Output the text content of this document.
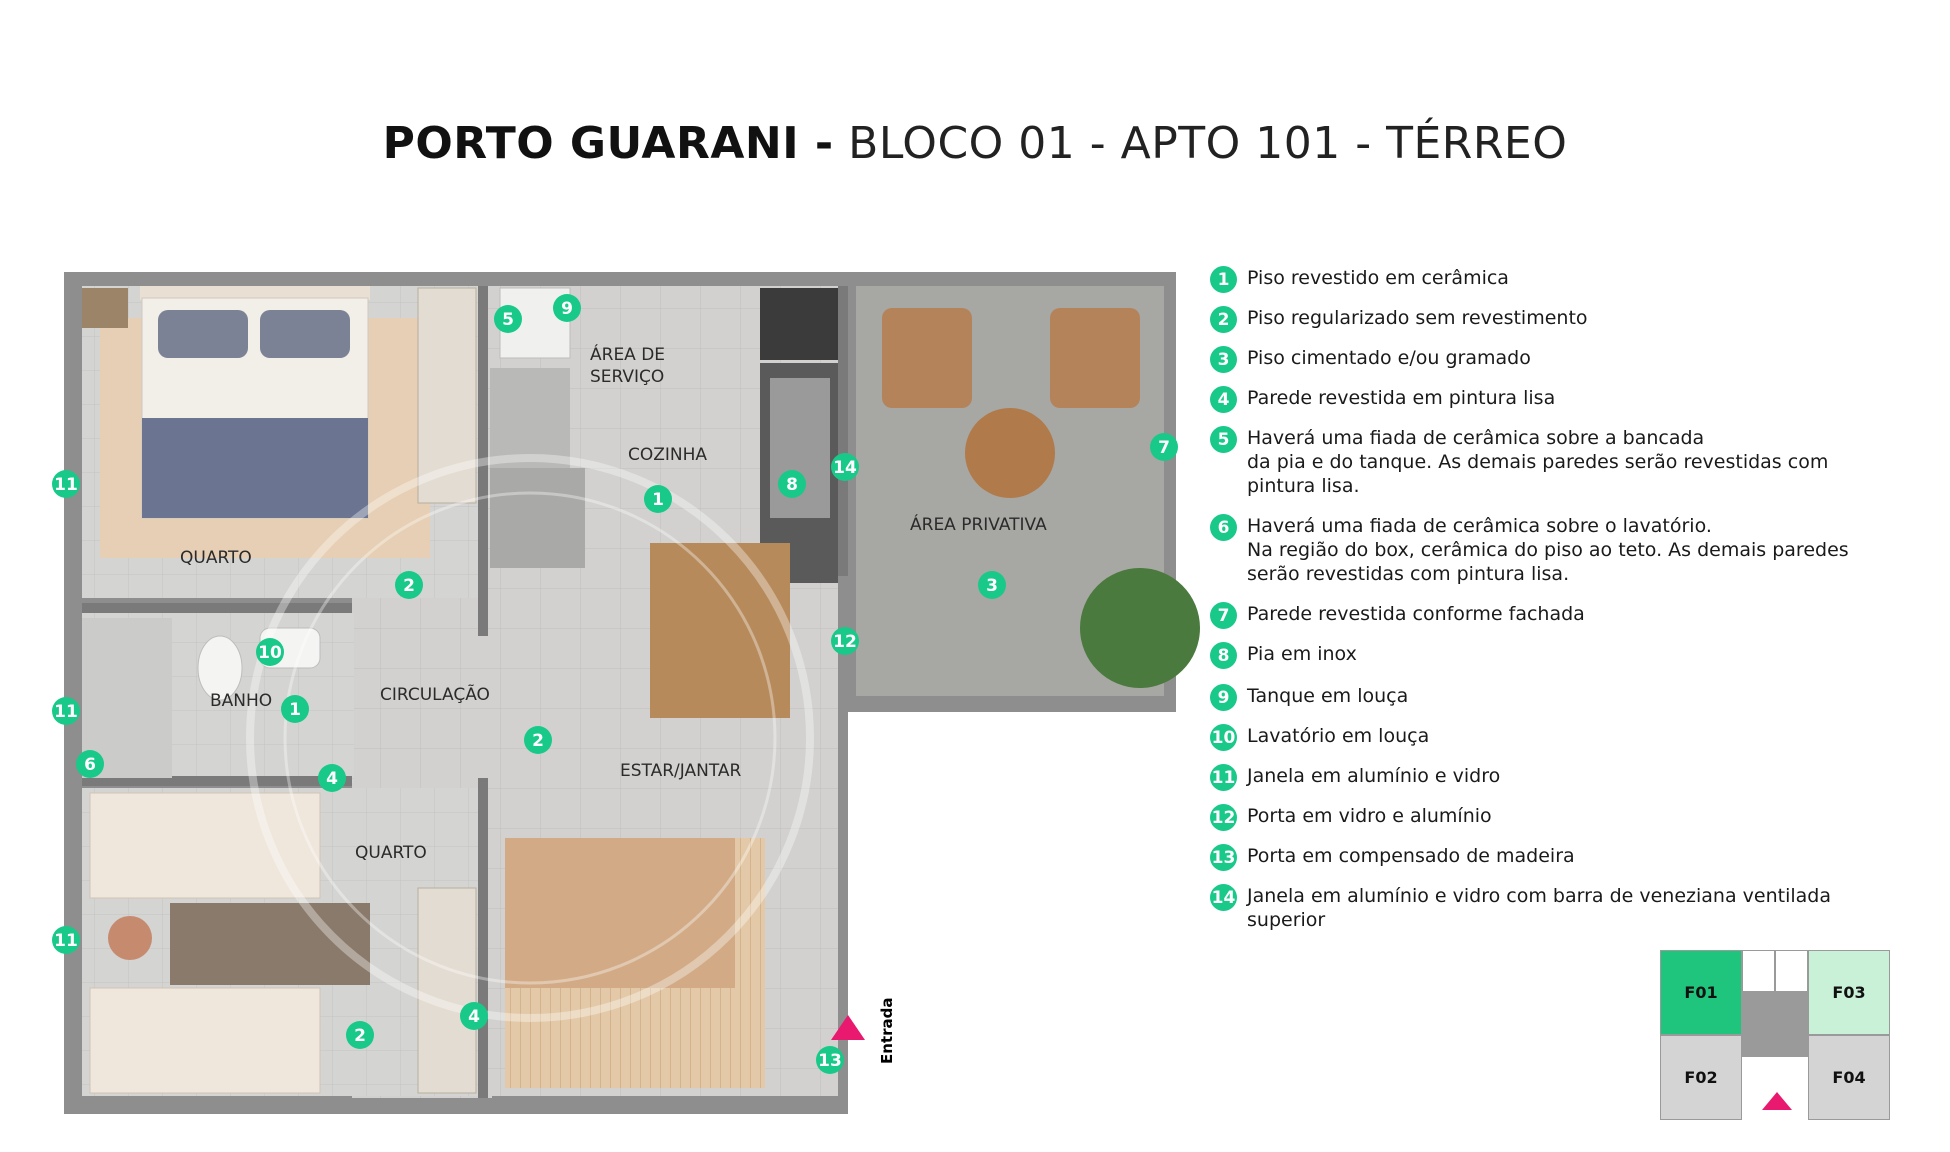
PORTO GUARANI - BLOCO 01 - APTO 101 - TÉRREO
QUARTO
BANHO	CIRCULAÇÃO
ÁREA DE
SERVIÇO
COZINHA
ESTAR/JANTAR
QUARTO
ÁREA PRIVATIVA
Entrada
1
1
2
2
2
3
4
4
5
6
7
8
9
10
11
11
11
12
13
14
1 Piso revestido em cerâmica
2 Piso regularizado sem revestimento
3 Piso cimentado e/ou gramado
4 Parede revestida em pintura lisa
5 Haverá uma fiada de cerâmica sobre a bancada
da pia e do tanque. As demais paredes serão revestidas com
pintura lisa.
6 Haverá uma fiada de cerâmica sobre o lavatório.
Na região do box, cerâmica do piso ao teto. As demais paredes
serão revestidas com pintura lisa.
7 Parede revestida conforme fachada
8 Pia em inox
9 Tanque em louça
10 Lavatório em louça
11 Janela em alumínio e vidro
12 Porta em vidro e alumínio
13 Porta em compensado de madeira
14 Janela em alumínio e vidro com barra de veneziana ventilada superior
F01	F03
F02	F04
